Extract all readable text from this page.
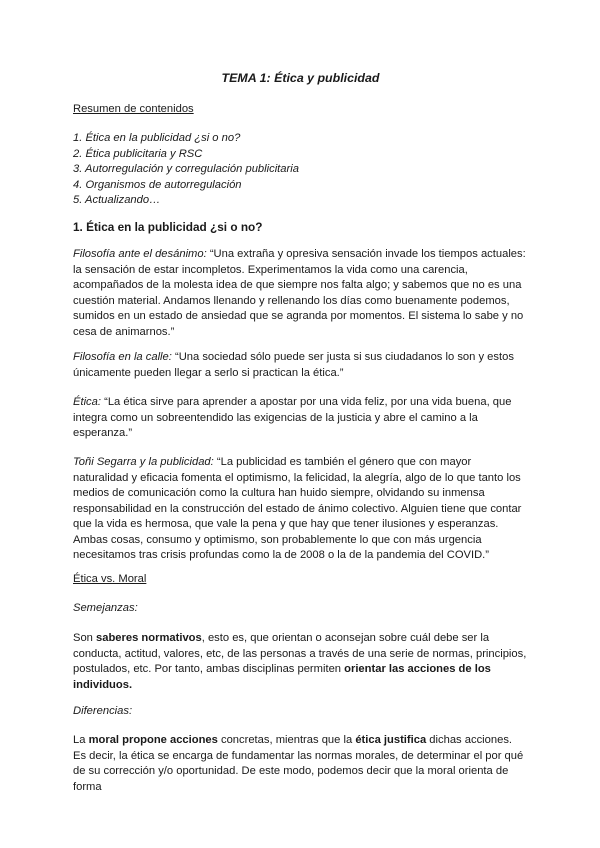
TEMA 1: Ética y publicidad
Resumen de contenidos
1. Ética en la publicidad ¿si o no?
2. Ética publicitaria y RSC
3. Autorregulación y corregulación publicitaria
4. Organismos de autorregulación
5. Actualizando…
1. Ética en la publicidad ¿si o no?

Filosofía ante el desánimo: “Una extraña y opresiva sensación invade los tiempos actuales: la sensación de estar incompletos. Experimentamos la vida como una carencia, acompañados de la molesta idea de que siempre nos falta algo; y sabemos que no es una cuestión material. Andamos llenando y rellenando los días como buenamente podemos, sumidos en un estado de ansiedad que se agranda por momentos. El sistema lo sabe y no cesa de animarnos.”

Filosofía en la calle: “Una sociedad sólo puede ser justa si sus ciudadanos lo son y estos únicamente pueden llegar a serlo si practican la ética.”

Ética: “La ética sirve para aprender a apostar por una vida feliz, por una vida buena, que integra como un sobreentendido las exigencias de la justicia y abre el camino a la esperanza.”

Toñi Segarra y la publicidad: “La publicidad es también el género que con mayor naturalidad y eficacia fomenta el optimismo, la felicidad, la alegría, algo de lo que tanto los medios de comunicación como la cultura han huido siempre, olvidando su inmensa responsabilidad en la construcción del estado de ánimo colectivo. Alguien tiene que contar que la vida es hermosa, que vale la pena y que hay que tener ilusiones y esperanzas. Ambas cosas, consumo y optimismo, son probablemente lo que con más urgencia necesitamos tras crisis profundas como la de 2008 o la de la pandemia del COVID.”

Ética vs. Moral
Semejanzas:

Son saberes normativos, esto es, que orientan o aconsejan sobre cuál debe ser la conducta, actitud, valores, etc, de las personas a través de una serie de normas, principios, postulados, etc. Por tanto, ambas disciplinas permiten orientar las acciones de los individuos.

Diferencias:

La moral propone acciones concretas, mientras que la ética justifica dichas acciones. Es decir, la ética se encarga de fundamentar las normas morales, de determinar el por qué de su corrección y/o oportunidad. De este modo, podemos decir que la moral orienta de forma
